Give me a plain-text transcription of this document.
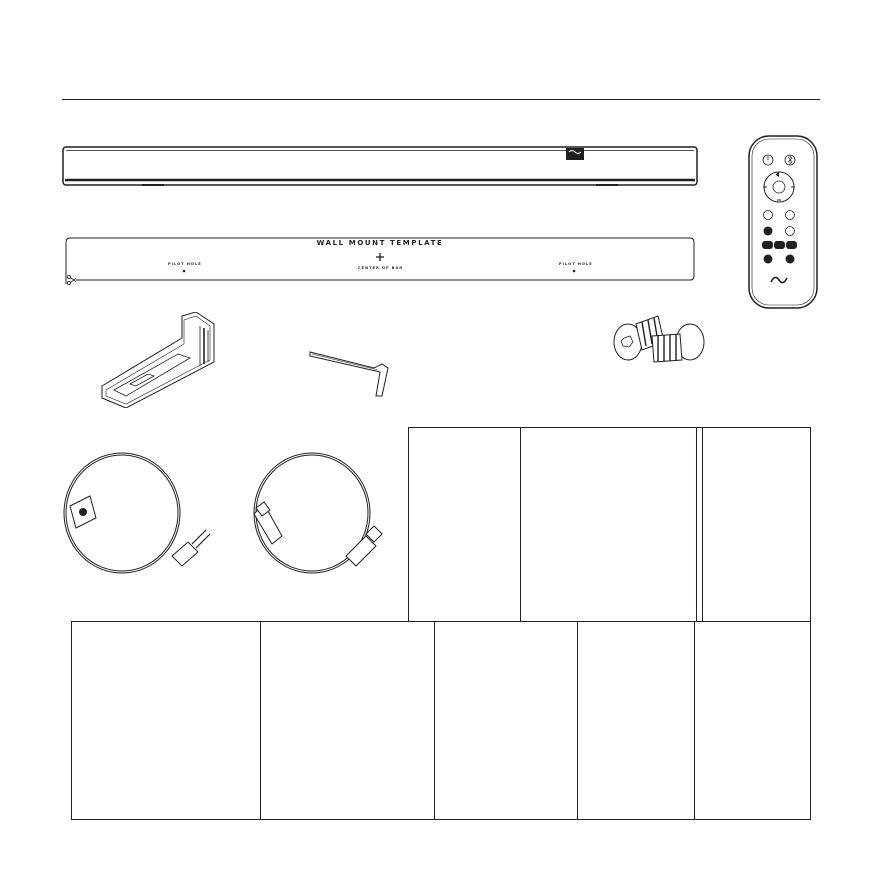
WALL MOUNT TEMPLATE
PILOT HOLE
CENTER OF BAR
PILOT HOLE
